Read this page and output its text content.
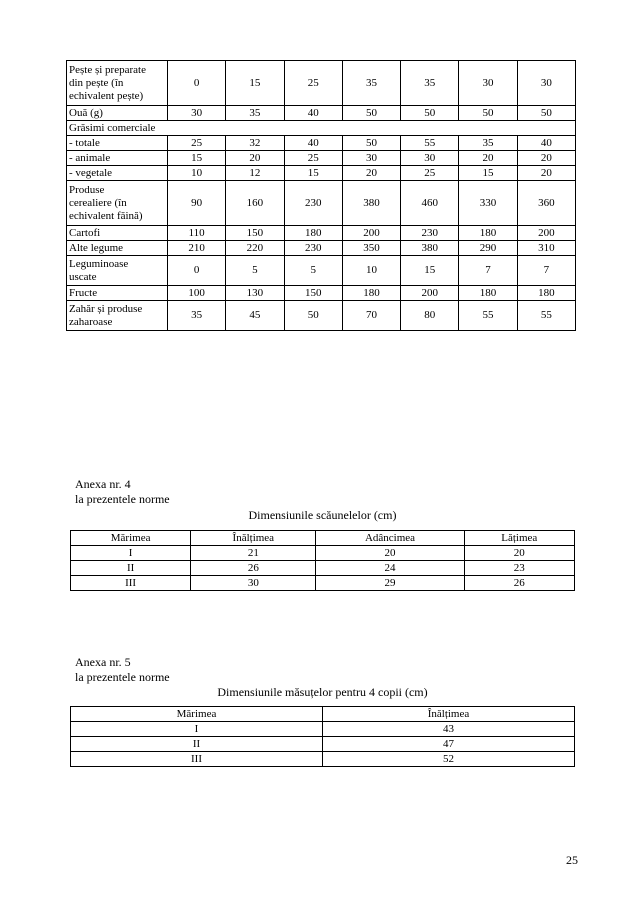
Pește și preparate
din pește (în
echivalent pește)	0	15	25	35	35	30	30

Ouă (g)	30	35	40	50	50	50	50

Grăsimi comerciale							

- totale	25	32	40	50	55	35	40

- animale	15	20	25	30	30	20	20

- vegetale	10	12	15	20	25	15	20

Produse
cerealiere (în
echivalent făină)	90	160	230	380	460	330	360

Cartofi	110	150	180	200	230	180	200

Alte legume	210	220	230	350	380	290	310

Leguminoase
uscate	0	5	5	10	15	7	7

Fructe	100	130	150	180	200	180	180

Zahăr și produse
zaharoase	35	45	50	70	80	55	55
Anexa nr. 4
la prezentele norme
Dimensiunile scăunelelor (cm)
Mărimea	Înălțimea	Adâncimea	Lățimea
I	21	20	20
II	26	24	23
III	30	29	26
Anexa nr. 5
la prezentele norme
Dimensiunile măsuțelor pentru 4 copii (cm)
Mărimea	Înălțimea
I	43
II	47
III	52
25
